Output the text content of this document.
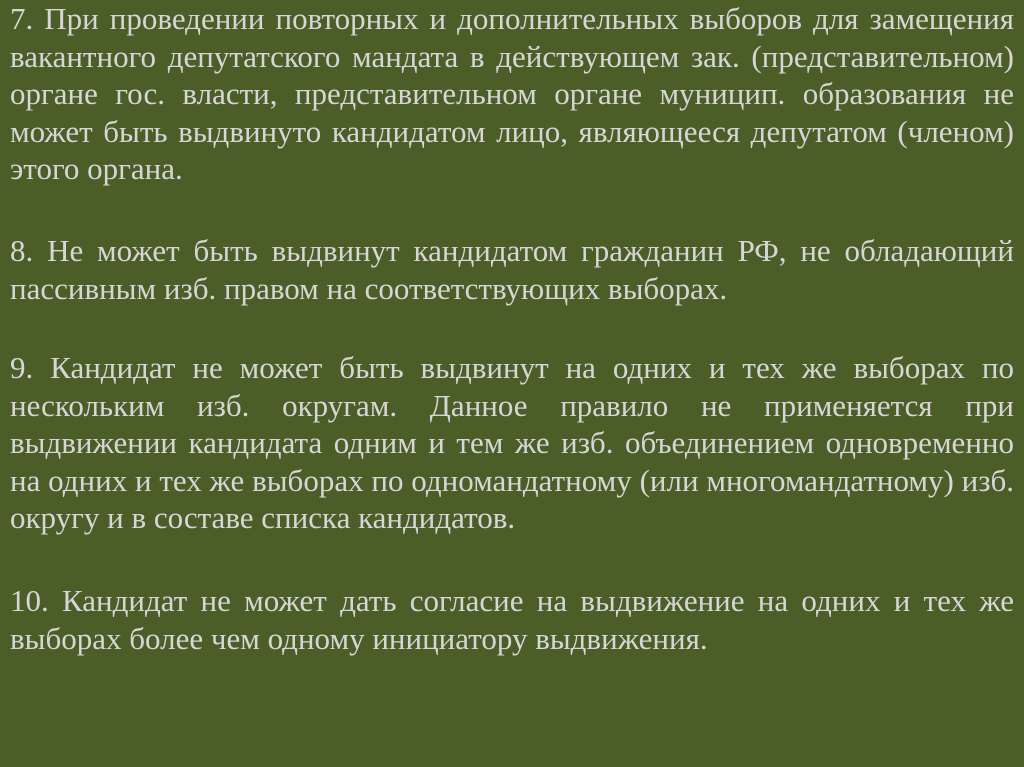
7. При проведении повторных и дополнительных выборов для замещения вакантного депутатского мандата в действующем зак. (представительном) органе гос. власти, представительном органе муницип. образования не может быть выдвинуто кандидатом лицо, являющееся депутатом (членом) этого органа.

8. Не может быть выдвинут кандидатом гражданин РФ, не обладающий пассивным изб. правом на соответствующих выборах.

9. Кандидат не может быть выдвинут на одних и тех же выборах по нескольким изб. округам. Данное правило не применяется при выдвижении кандидата одним и тем же изб. объединением одновременно на одних и тех же выборах по одномандатному (или многомандатному) изб. округу и в составе списка кандидатов.

10. Кандидат не может дать согласие на выдвижение на одних и тех же выборах более чем одному инициатору выдвижения.
